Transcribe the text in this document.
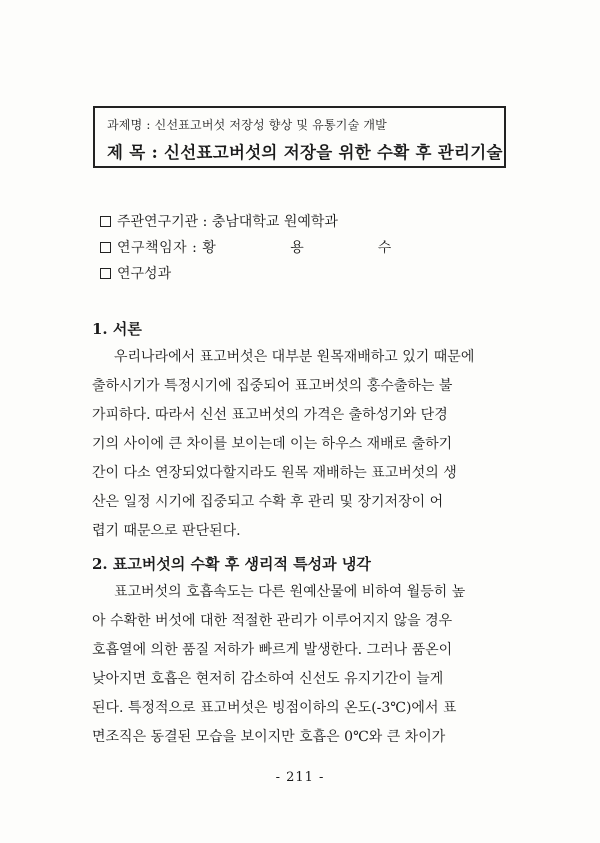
과제명 : 신선표고버섯 저장성 향상 및 유통기술 개발
제 목 : 신선표고버섯의 저장을 위한 수확 후 관리기술
주관연구기관 : 충남대학교 원예학과
연구책임자 : 황	용	수
연구성과
1. 서론
우리나라에서 표고버섯은 대부분 원목재배하고 있기 때문에
출하시기가 특정시기에 집중되어 표고버섯의 홍수출하는 불
가피하다. 따라서 신선 표고버섯의 가격은 출하성기와 단경
기의 사이에 큰 차이를 보이는데 이는 하우스 재배로 출하기
간이 다소 연장되었다할지라도 원목 재배하는 표고버섯의 생
산은 일정 시기에 집중되고 수확 후 관리 및 장기저장이 어
렵기 때문으로 판단된다.
2. 표고버섯의 수확 후 생리적 특성과 냉각
표고버섯의 호흡속도는 다른 원예산물에 비하여 월등히 높
아 수확한 버섯에 대한 적절한 관리가 이루어지지 않을 경우
호흡열에 의한 품질 저하가 빠르게 발생한다. 그러나 품온이
낮아지면 호흡은 현저히 감소하여 신선도 유지기간이 늘게
된다. 특정적으로 표고버섯은 빙점이하의 온도(-3℃)에서 표
면조직은 동결된 모습을 보이지만 호흡은 0℃와 큰 차이가
- 211 -
